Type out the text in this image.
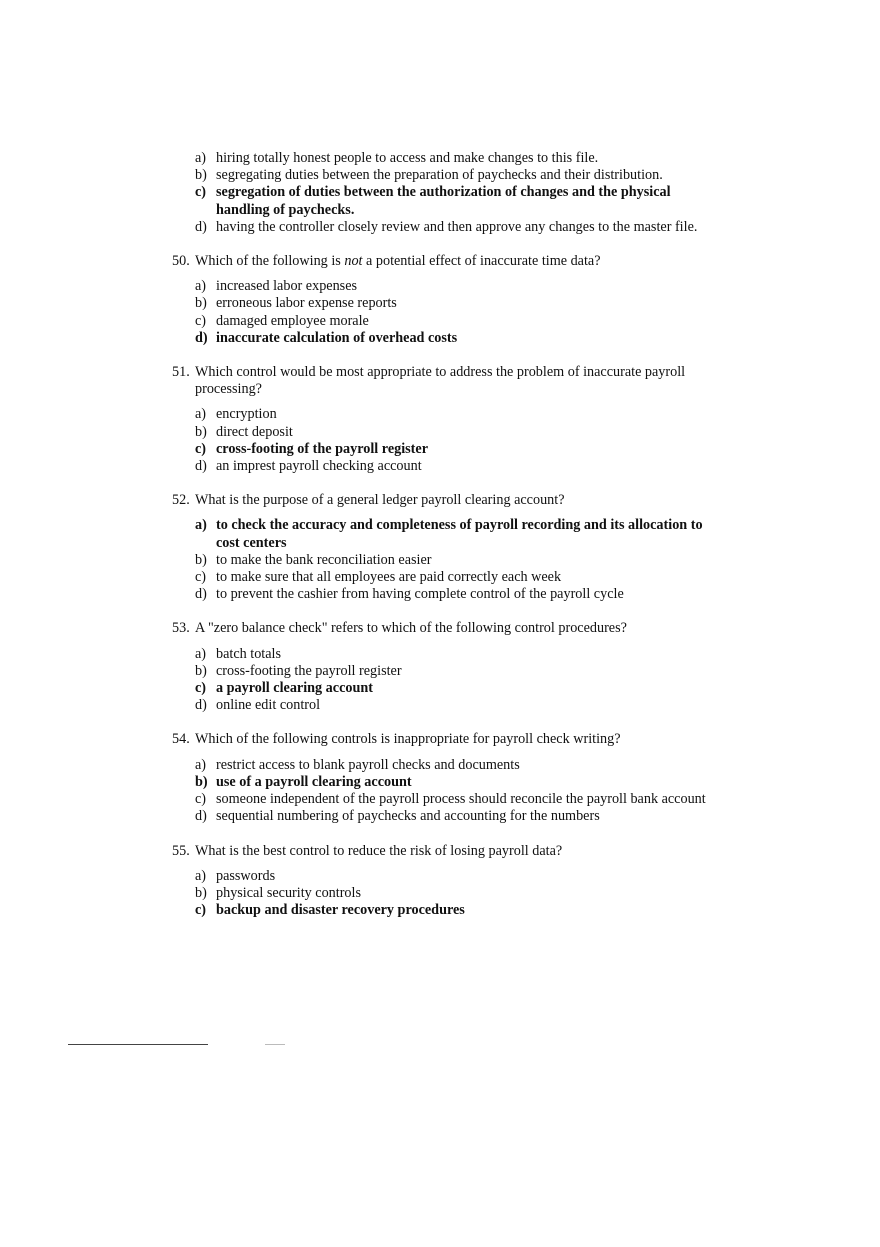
a) hiring totally honest people to access and make changes to this file.
b) segregating duties between the preparation of paychecks and their distribution.
c) segregation of duties between the authorization of changes and the physical handling of paychecks.
d) having the controller closely review and then approve any changes to the master file.
50. Which of the following is not a potential effect of inaccurate time data?
a) increased labor expenses
b) erroneous labor expense reports
c) damaged employee morale
d) inaccurate calculation of overhead costs
51. Which control would be most appropriate to address the problem of inaccurate payroll processing?
a) encryption
b) direct deposit
c) cross-footing of the payroll register
d) an imprest payroll checking account
52. What is the purpose of a general ledger payroll clearing account?
a) to check the accuracy and completeness of payroll recording and its allocation to cost centers
b) to make the bank reconciliation easier
c) to make sure that all employees are paid correctly each week
d) to prevent the cashier from having complete control of the payroll cycle
53. A "zero balance check" refers to which of the following control procedures?
a) batch totals
b) cross-footing the payroll register
c) a payroll clearing account
d) online edit control
54. Which of the following controls is inappropriate for payroll check writing?
a) restrict access to blank payroll checks and documents
b) use of a payroll clearing account
c) someone independent of the payroll process should reconcile the payroll bank account
d) sequential numbering of paychecks and accounting for the numbers
55. What is the best control to reduce the risk of losing payroll data?
a) passwords
b) physical security controls
c) backup and disaster recovery procedures
